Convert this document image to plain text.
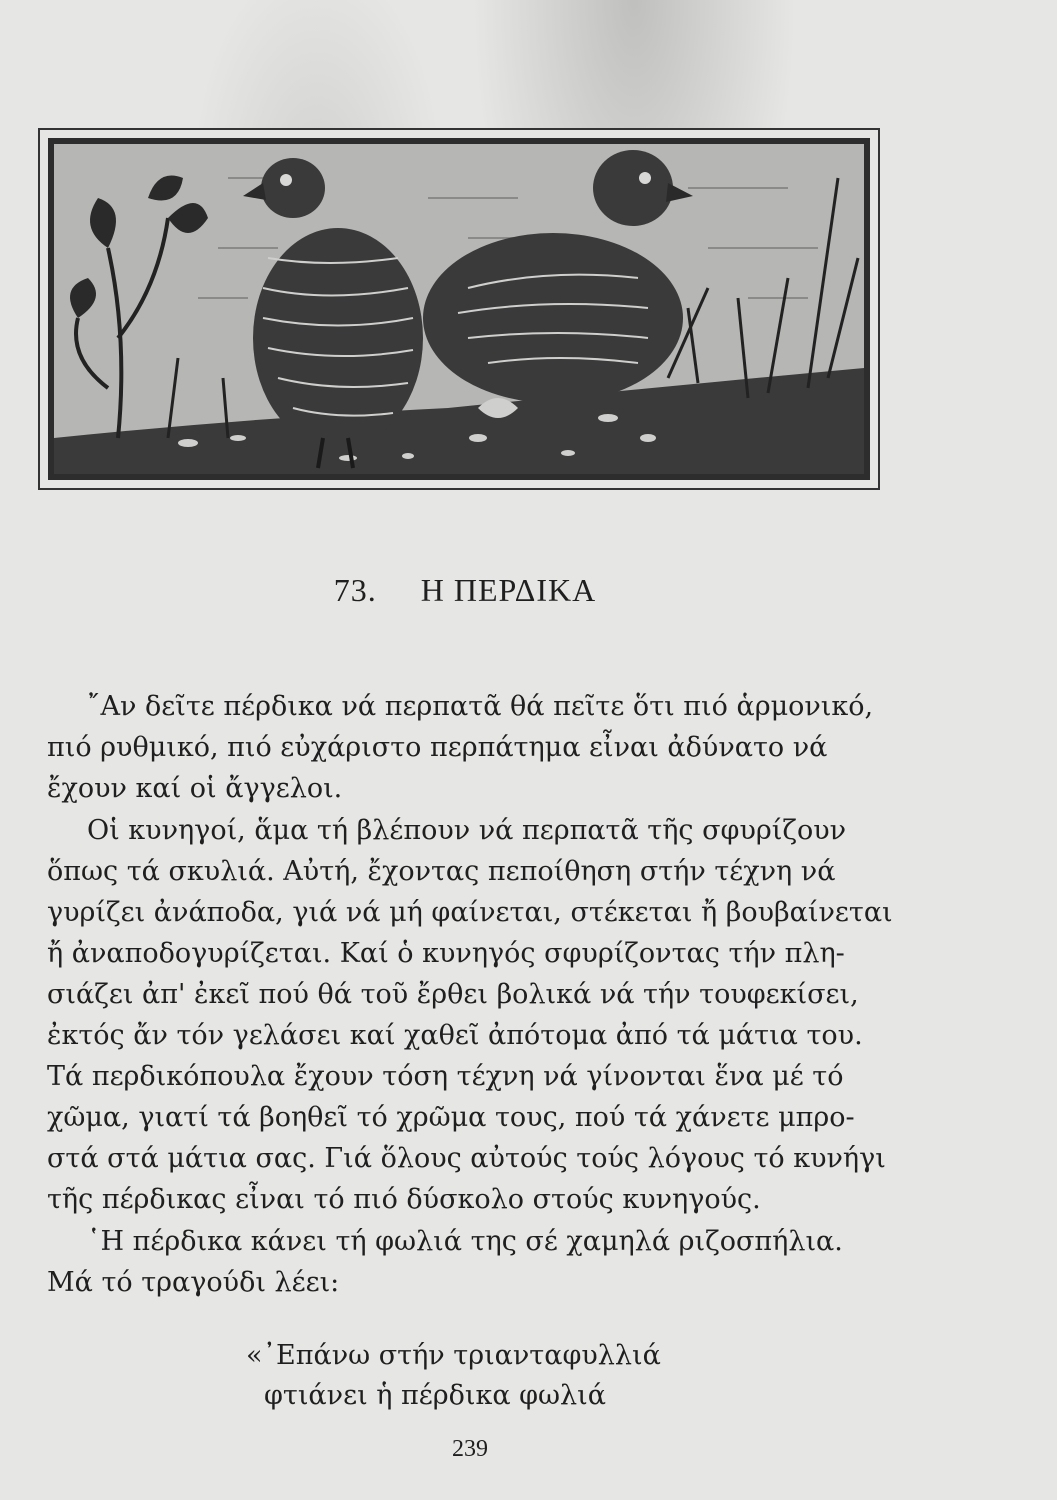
73. Η ΠΕΡΔΙΚΑ
῎Αν δεῖτε πέρδικα νά περπατᾶ θά πεῖτε ὅτι πιό ἁρμονικό,
πιό ρυθμικό, πιό εὐχάριστο περπάτημα εἶναι ἀδύνατο νά
ἔχουν καί οἱ ἄγγελοι.
Οἱ κυνηγοί, ἅμα τή βλέπουν νά περπατᾶ τῆς σφυρίζουν
ὅπως τά σκυλιά. Αὐτή, ἔχοντας πεποίθηση στήν τέχνη νά
γυρίζει ἀνάποδα, γιά νά μή φαίνεται, στέκεται ἤ βουβαίνεται
ἤ ἀναποδογυρίζεται. Καί ὁ κυνηγός σφυρίζοντας τήν πλη-
σιάζει ἀπ' ἐκεῖ πού θά τοῦ ἔρθει βολικά νά τήν τουφεκίσει,
ἐκτός ἄν τόν γελάσει καί χαθεῖ ἀπότομα ἀπό τά μάτια του.
Τά περδικόπουλα ἔχουν τόση τέχνη νά γίνονται ἕνα μέ τό
χῶμα, γιατί τά βοηθεῖ τό χρῶμα τους, πού τά χάνετε μπρο-
στά στά μάτια σας. Γιά ὅλους αὐτούς τούς λόγους τό κυνήγι
τῆς πέρδικας εἶναι τό πιό δύσκολο στούς κυνηγούς.
῾Η πέρδικα κάνει τή φωλιά της σέ χαμηλά ριζοσπήλια.
Μά τό τραγούδι λέει:
«᾽Επάνω στήν τριανταφυλλιά
φτιάνει ἡ πέρδικα φωλιά
239
